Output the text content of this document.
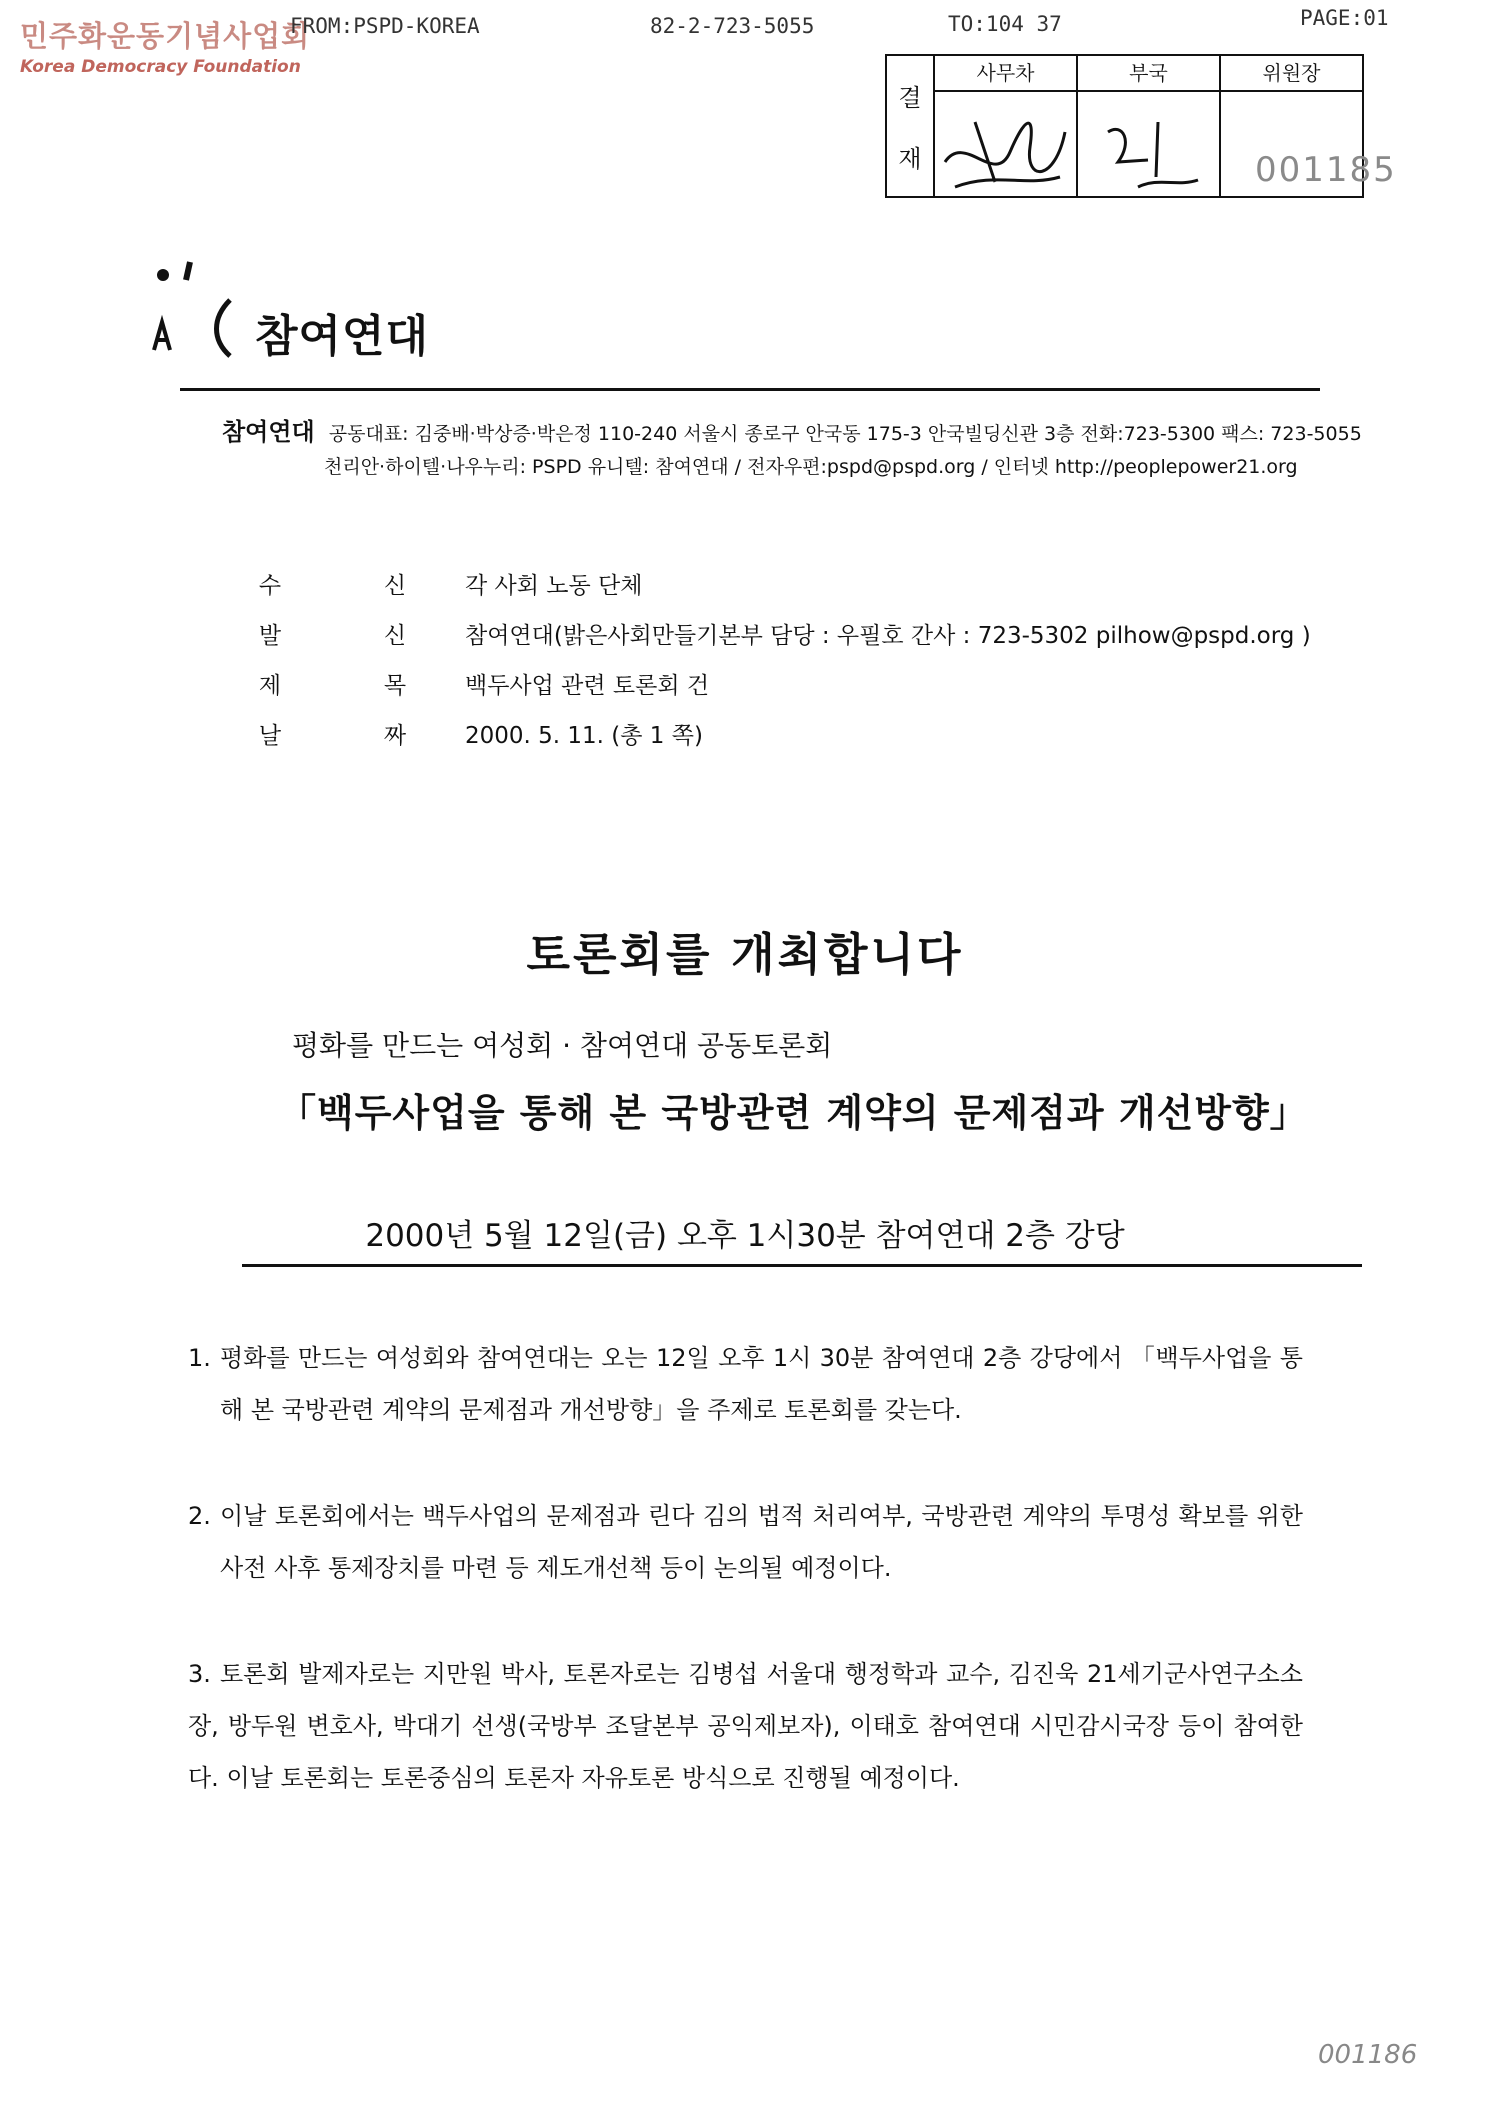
민주화운동기념사업회
Korea Democracy Foundation
FROM:PSPD-KOREA	82-2-723-5055	TO:104 37	PAGE:01
결
재
사무차	부국	위원장
001185
참여연대
참여연대 공동대표: 김중배·박상증·박은정 110-240 서울시 종로구 안국동 175-3 안국빌딩신관 3층 전화:723-5300 팩스: 723-5055
천리안·하이텔·나우누리: PSPD 유니텔: 참여연대 / 전자우편:pspd@pspd.org / 인터넷 http://peoplepower21.org
수	신	각 사회 노동 단체
발	신	참여연대(밝은사회만들기본부 담당 : 우필호 간사 : 723-5302 pilhow@pspd.org )
제	목	백두사업 관련 토론회 건
날	짜	2000. 5. 11. (총 1 쪽)
토론회를 개최합니다
평화를 만드는 여성회 · 참여연대 공동토론회
「백두사업을 통해 본 국방관련 계약의 문제점과 개선방향」
2000년 5월 12일(금) 오후 1시30분 참여연대 2층 강당
1. 평화를 만드는 여성회와 참여연대는 오는 12일 오후 1시 30분 참여연대 2층 강당에서 「백두사업을 통해 본 국방관련 계약의 문제점과 개선방향」을 주제로 토론회를 갖는다.
2. 이날 토론회에서는 백두사업의 문제점과 린다 김의 법적 처리여부, 국방관련 계약의 투명성 확보를 위한 사전 사후 통제장치를 마련 등 제도개선책 등이 논의될 예정이다.
3. 토론회 발제자로는 지만원 박사, 토론자로는 김병섭 서울대 행정학과 교수, 김진욱 21세기군사연구소소장, 방두원 변호사, 박대기 선생(국방부 조달본부 공익제보자), 이태호 참여연대 시민감시국장 등이 참여한다. 이날 토론회는 토론중심의 토론자 자유토론 방식으로 진행될 예정이다.
001186
